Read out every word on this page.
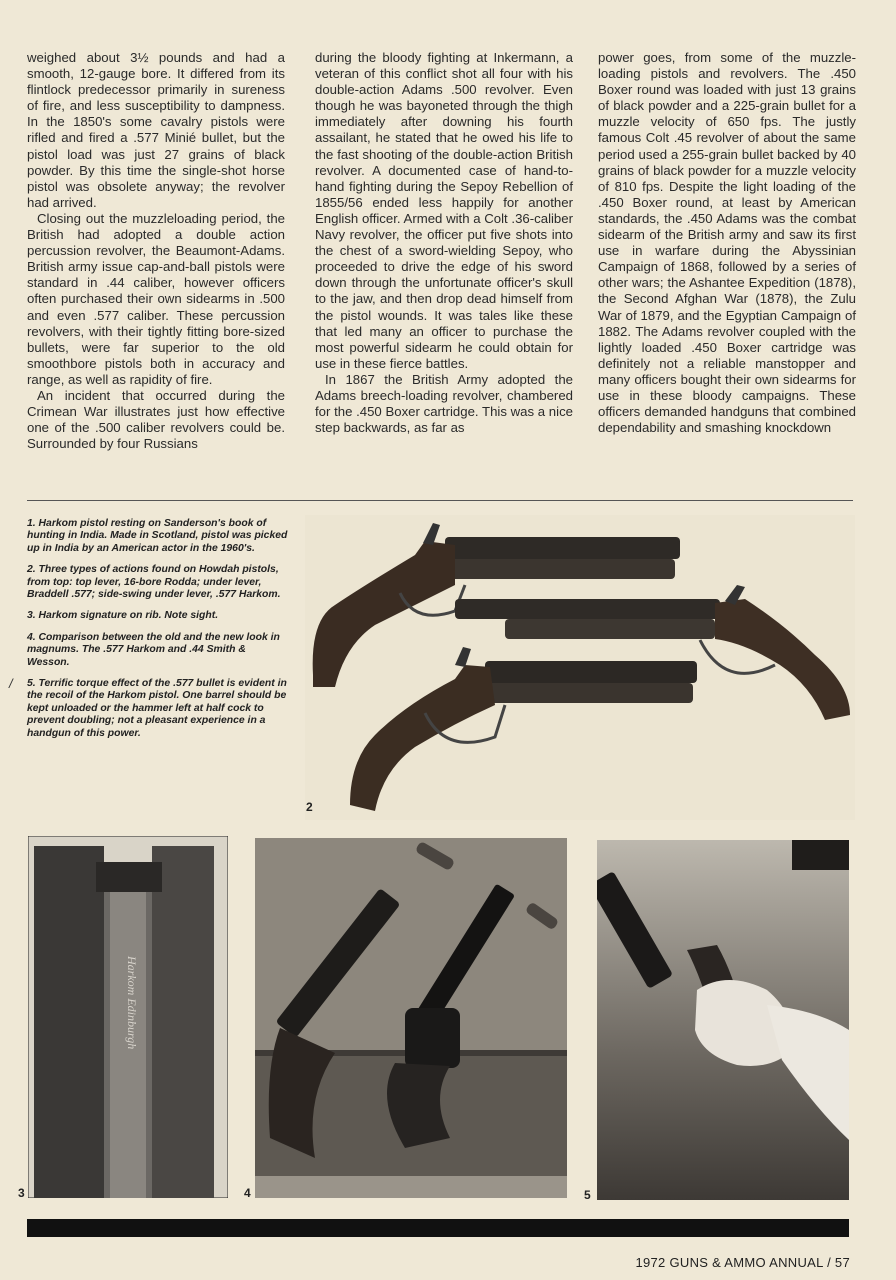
weighed about 3½ pounds and had a smooth, 12-gauge bore. It differed from its flintlock predecessor primarily in sureness of fire, and less susceptibility to dampness. In the 1850's some cavalry pistols were rifled and fired a .577 Minié bullet, but the pistol load was just 27 grains of black powder. By this time the single-shot horse pistol was obsolete anyway; the revolver had arrived.

Closing out the muzzleloading period, the British had adopted a double action percussion revolver, the Beaumont-Adams. British army issue cap-and-ball pistols were standard in .44 caliber, however officers often purchased their own sidearms in .500 and even .577 caliber. These percussion revolvers, with their tightly fitting bore-sized bullets, were far superior to the old smoothbore pistols both in accuracy and range, as well as rapidity of fire.

An incident that occurred during the Crimean War illustrates just how effective one of the .500 caliber revolvers could be. Surrounded by four Russians

during the bloody fighting at Inkermann, a veteran of this conflict shot all four with his double-action Adams .500 revolver. Even though he was bayoneted through the thigh immediately after downing his fourth assailant, he stated that he owed his life to the fast shooting of the double-action British revolver. A documented case of hand-to-hand fighting during the Sepoy Rebellion of 1855/56 ended less happily for another English officer. Armed with a Colt .36-caliber Navy revolver, the officer put five shots into the chest of a sword-wielding Sepoy, who proceeded to drive the edge of his sword down through the unfortunate officer's skull to the jaw, and then drop dead himself from the pistol wounds. It was tales like these that led many an officer to purchase the most powerful sidearm he could obtain for use in these fierce battles.

In 1867 the British Army adopted the Adams breech-loading revolver, chambered for the .450 Boxer cartridge. This was a nice step backwards, as far as

power goes, from some of the muzzle-loading pistols and revolvers. The .450 Boxer round was loaded with just 13 grains of black powder and a 225-grain bullet for a muzzle velocity of 650 fps. The justly famous Colt .45 revolver of about the same period used a 255-grain bullet backed by 40 grains of black powder for a muzzle velocity of 810 fps. Despite the light loading of the .450 Boxer round, at least by American standards, the .450 Adams was the combat sidearm of the British army and saw its first use in warfare during the Abyssinian Campaign of 1868, followed by a series of other wars; the Ashantee Expedition (1878), the Second Afghan War (1878), the Zulu War of 1879, and the Egyptian Campaign of 1882. The Adams revolver coupled with the lightly loaded .450 Boxer cartridge was definitely not a reliable manstopper and many officers bought their own sidearms for use in these bloody campaigns. These officers demanded handguns that combined dependability and smashing knockdown

1. Harkom pistol resting on Sanderson's book of hunting in India. Made in Scotland, pistol was picked up in India by an American actor in the 1960's.

2. Three types of actions found on Howdah pistols, from top: top lever, 16-bore Rodda; under lever, Braddell .577; side-swing under lever, .577 Harkom.

3. Harkom signature on rib. Note sight.

4. Comparison between the old and the new look in magnums. The .577 Harkom and .44 Smith & Wesson.

5. Terrific torque effect of the .577 bullet is evident in the recoil of the Harkom pistol. One barrel should be kept unloaded or the hammer left at half cock to prevent doubling; not a pleasant experience in a handgun of this power.

/
2
Harkom Edinburgh
3	4	5
1972 GUNS & AMMO ANNUAL / 57
